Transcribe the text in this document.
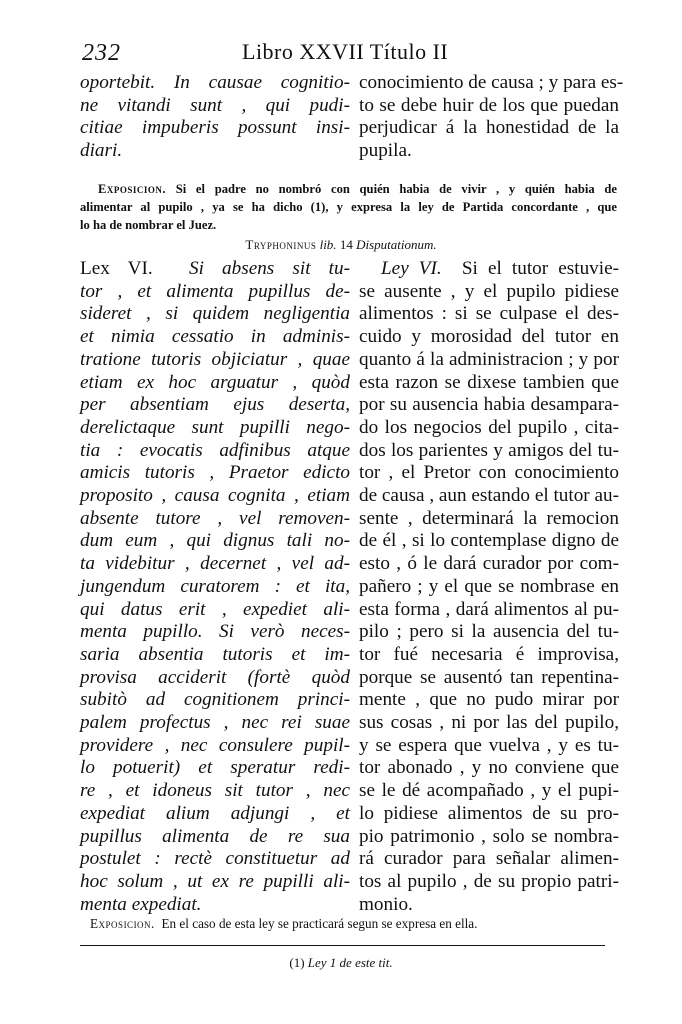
232	Libro XXVII Título II
oportebit. In causae cognitio-
ne vitandi sunt , qui pudi-
citiae impuberis possunt insi-
diari.
conocimiento de causa ; y para es-
to se debe huir de los que puedan
perjudicar á la honestidad de la
pupila.
Exposicion. Si el padre no nombró con quién habia de vivir , y quién habia de
alimentar al pupilo , ya se ha dicho (1), y expresa la ley de Partida concordante , que
lo ha de nombrar el Juez.
Tryphoninus lib. 14 Disputationum.
Lex VI. Si absens sit tu-
tor , et alimenta pupillus de-
sideret , si quidem negligentia
et nimia cessatio in adminis-
tratione tutoris objiciatur , quae
etiam ex hoc arguatur , quòd
per absentiam ejus deserta,
derelictaque sunt pupilli nego-
tia : evocatis adfinibus atque
amicis tutoris , Praetor edicto
proposito , causa cognita , etiam
absente tutore , vel removen-
dum eum , qui dignus tali no-
ta videbitur , decernet , vel ad-
jungendum curatorem : et ita,
qui datus erit , expediet ali-
menta pupillo. Si verò neces-
saria absentia tutoris et im-
provisa acciderit (fortè quòd
subitò ad cognitionem princi-
palem profectus , nec rei suae
providere , nec consulere pupil-
lo potuerit) et speratur redi-
re , et idoneus sit tutor , nec
expediat alium adjungi , et
pupillus alimenta de re sua
postulet : rectè constituetur ad
hoc solum , ut ex re pupilli ali-
menta expediat.
Ley VI. Si el tutor estuvie-
se ausente , y el pupilo pidiese
alimentos : si se culpase el des-
cuido y morosidad del tutor en
quanto á la administracion ; y por
esta razon se dixese tambien que
por su ausencia habia desampara-
do los negocios del pupilo , cita-
dos los parientes y amigos del tu-
tor , el Pretor con conocimiento
de causa , aun estando el tutor au-
sente , determinará la remocion
de él , si lo contemplase digno de
esto , ó le dará curador por com-
pañero ; y el que se nombrase en
esta forma , dará alimentos al pu-
pilo ; pero si la ausencia del tu-
tor fué necesaria é improvisa,
porque se ausentó tan repentina-
mente , que no pudo mirar por
sus cosas , ni por las del pupilo,
y se espera que vuelva , y es tu-
tor abonado , y no conviene que
se le dé acompañado , y el pupi-
lo pidiese alimentos de su pro-
pio patrimonio , solo se nombra-
rá curador para señalar alimen-
tos al pupilo , de su propio patri-
monio.
Exposicion. En el caso de esta ley se practicará segun se expresa en ella.
(1) Ley 1 de este tit.
